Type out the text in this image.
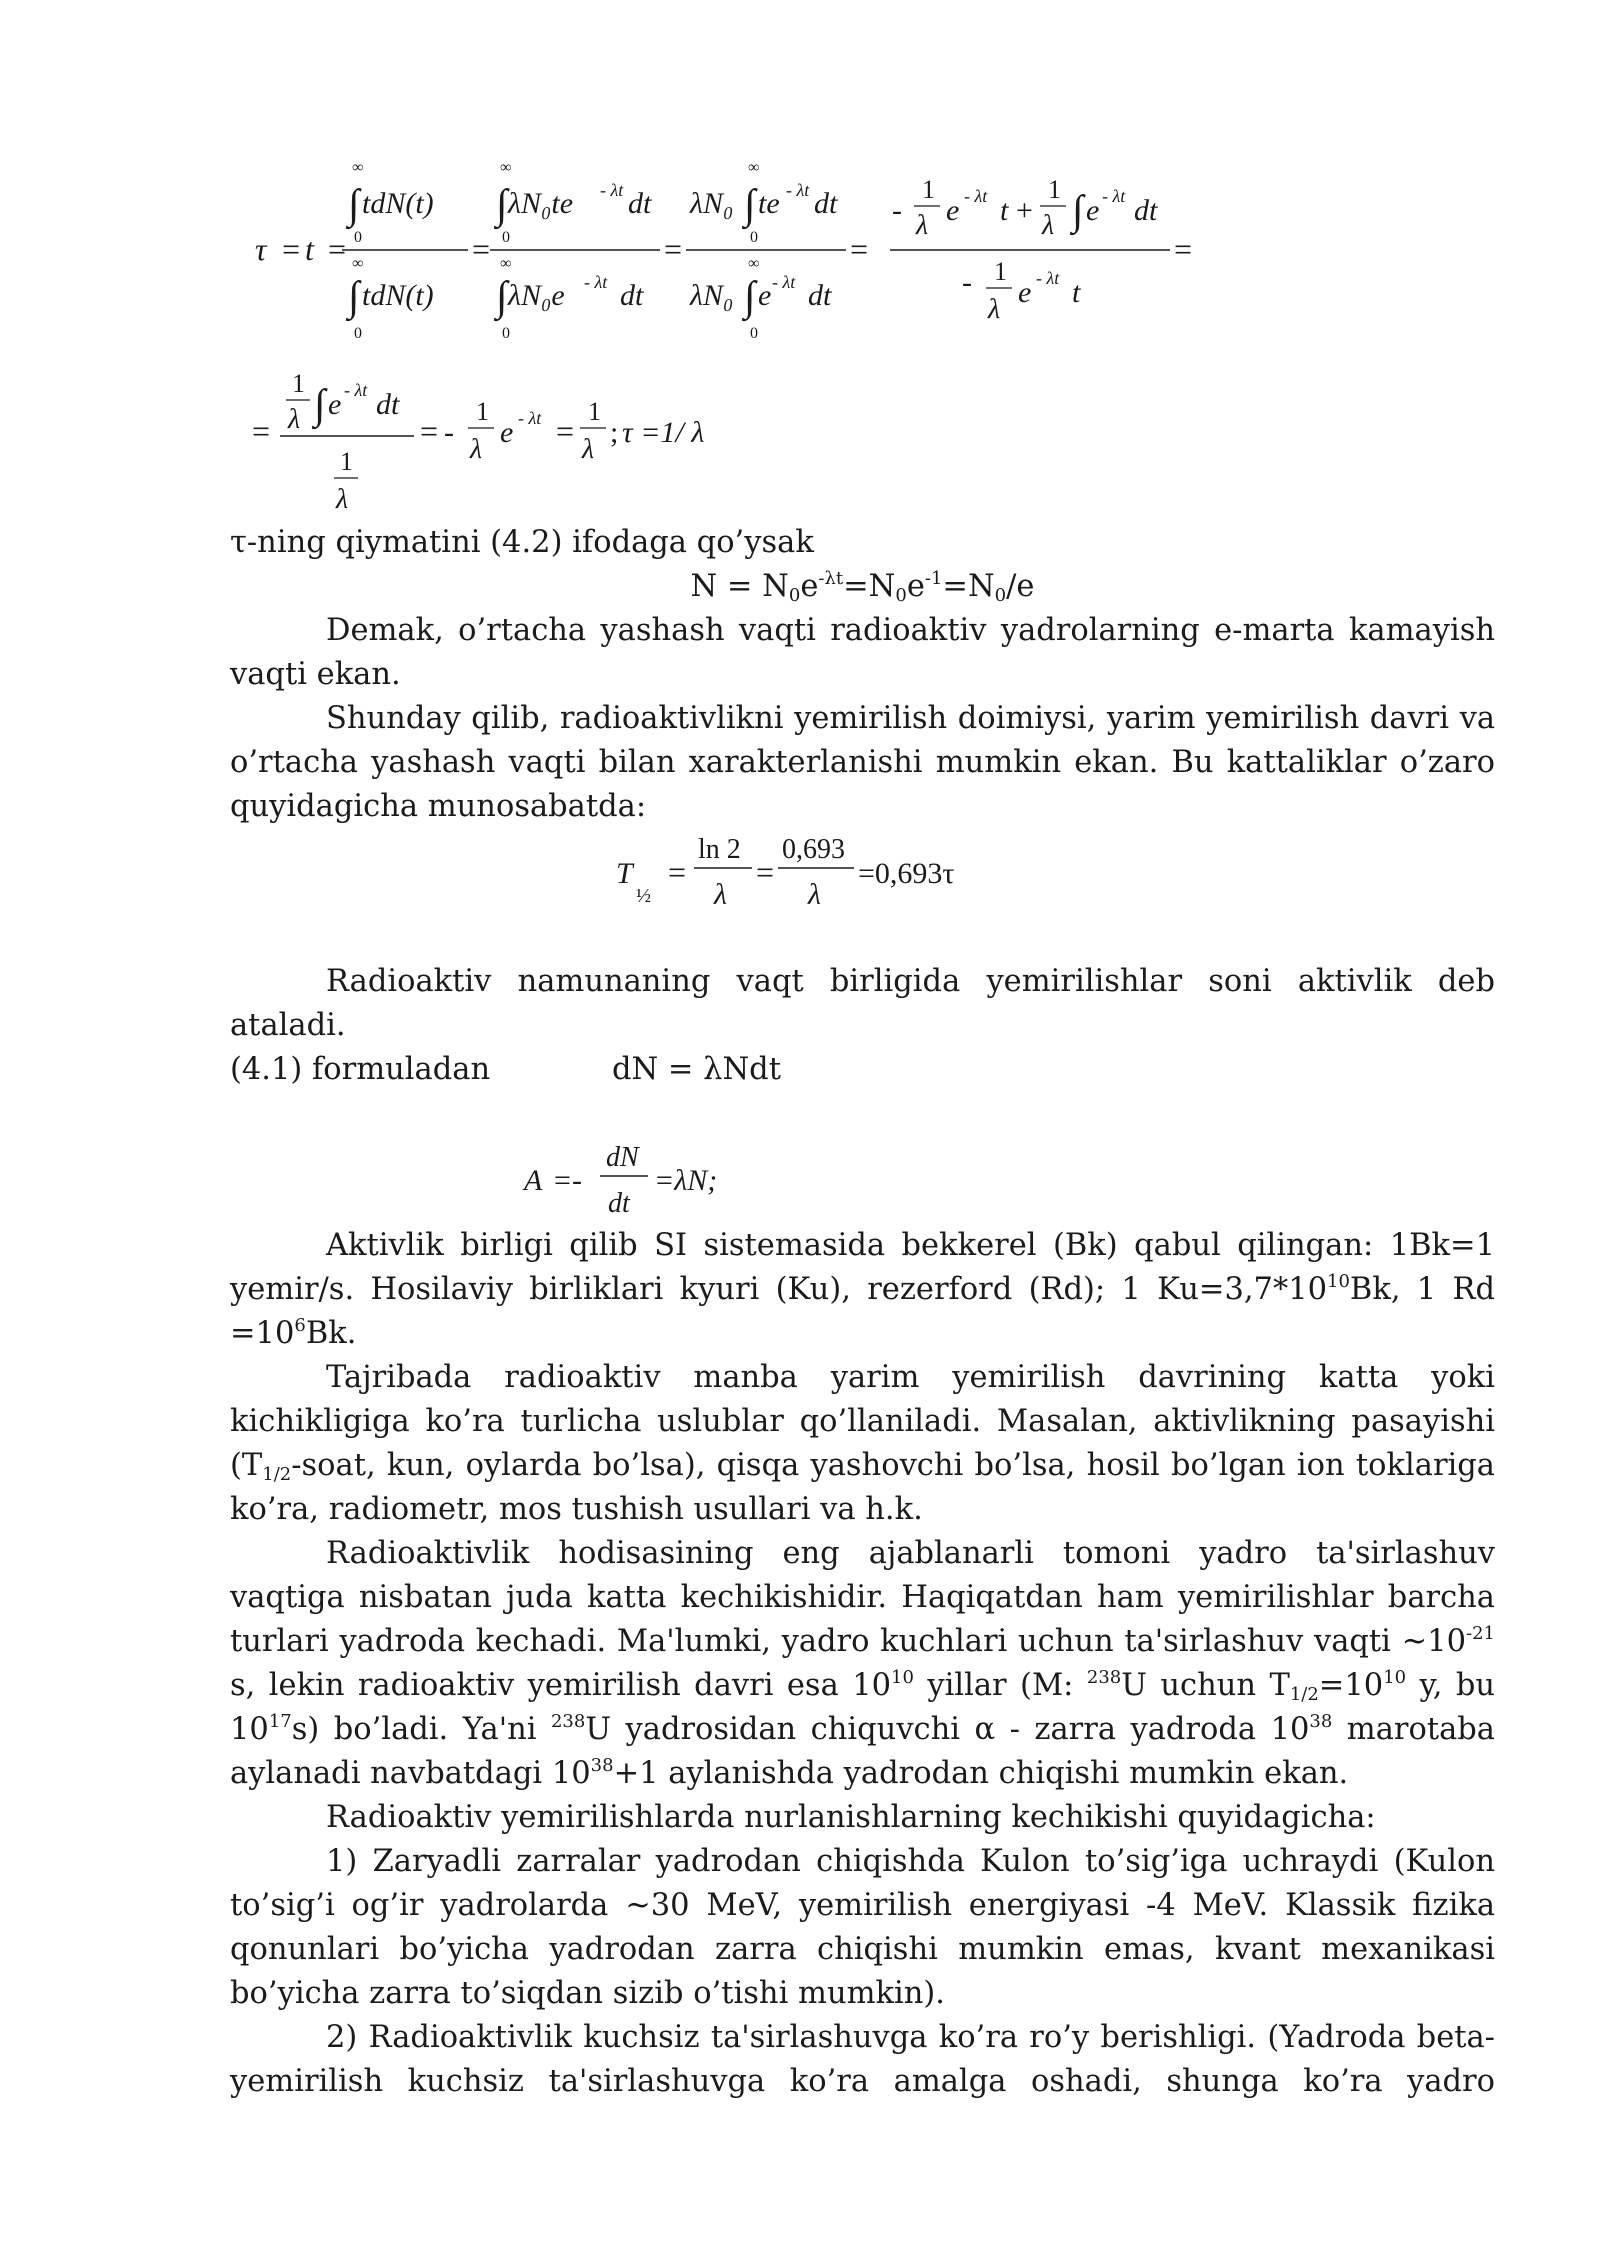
τ = t =
∞
∫ tdN(t)
0
∞
∫ tdN(t)
0
=
∞
∫ λN₀te - λt dt
0
∞
∫ λN₀e - λt dt
0
=
λN₀
∞
∫ te - λt dt
0
λN₀
∞
∫ e - λt dt
0
=
-
1
λ e - λt t +
1
λ ∫ e - λt dt
- 1
λ
e - λt t
=
=
1
λ ∫ e - λt dt
1
λ
= -
1
λ
e - λt =
1
λ
; τ =1/ λ
τ-ning qiymatini (4.2) ifodaga qo’ysak
$N = N_0e^{-\lambda t}=N_0e^{-1}=N_0/e$
Demak, o’rtacha yashash vaqti radioaktiv yadrolarning e-marta kamayish vaqti ekan.
Shunday qilib, radioaktivlikni yemirilish doimiysi, yarim yemirilish davri va o’rtacha yashash vaqti bilan xarakterlanishi mumkin ekan. Bu kattaliklar o’zaro quyidagicha munosabatda:
T
½
=
ln 2
λ
=
0,693
λ
=0,693τ
Radioaktiv namunaning vaqt birligida yemirilishlar soni aktivlik deb ataladi.
(4.1) formuladan	dN = λNdt
A = -
dN
dt
=λN;
Aktivlik birligi qilib SI sistemasida bekkerel (Bk) qabul qilingan: 1Bk=1
yemir/s. Hosilaviy birliklari kyuri (Ku), rezerford (Rd); 1 $Ku=3,7*10^{10}Bk$, 1 Rd
$=10^6Bk$.
Tajribada radioaktiv manba yarim yemirilish davrining katta yoki
kichikligiga ko’ra turlicha uslublar qo’llaniladi. Masalan, aktivlikning pasayishi
($T_{1/2}$-soat, kun, oylarda bo’lsa), qisqa yashovchi bo’lsa, hosil bo’lgan ion toklariga
ko’ra, radiometr, mos tushish usullari va h.k.
Radioaktivlik hodisasining eng ajablanarli tomoni yadro ta'sirlashuv
vaqtiga nisbatan juda katta kechikishidir. Haqiqatdan ham yemirilishlar barcha
turlari yadroda kechadi. Ma'lumki, yadro kuchlari uchun ta'sirlashuv vaqti $\sim 10^{-21}$
s, lekin radioaktiv yemirilish davri esa $10^{10}$ yillar (M: $^{238}$U uchun $T_{1/2}=10^{10}$ y, bu
$10^{17}s$) bo’ladi. Ya'ni $^{238}$U yadrosidan chiquvchi α - zarra yadroda $10^{38}$ marotaba
aylanadi navbatdagi $10^{38}+1$ aylanishda yadrodan chiqishi mumkin ekan.
Radioaktiv yemirilishlarda nurlanishlarning kechikishi quyidagicha:
1) Zaryadli zarralar yadrodan chiqishda Kulon to’sig’iga uchraydi (Kulon to’sig’i og’ir yadrolarda ~30 MeV, yemirilish energiyasi -4 MeV. Klassik fizika qonunlari bo’yicha yadrodan zarra chiqishi mumkin emas, kvant mexanikasi bo’yicha zarra to’siqdan sizib o’tishi mumkin).
2) Radioaktivlik kuchsiz ta'sirlashuvga ko’ra ro’y berishligi. (Yadroda beta-yemirilish kuchsiz ta'sirlashuvga ko’ra amalga oshadi, shunga ko’ra yadro
